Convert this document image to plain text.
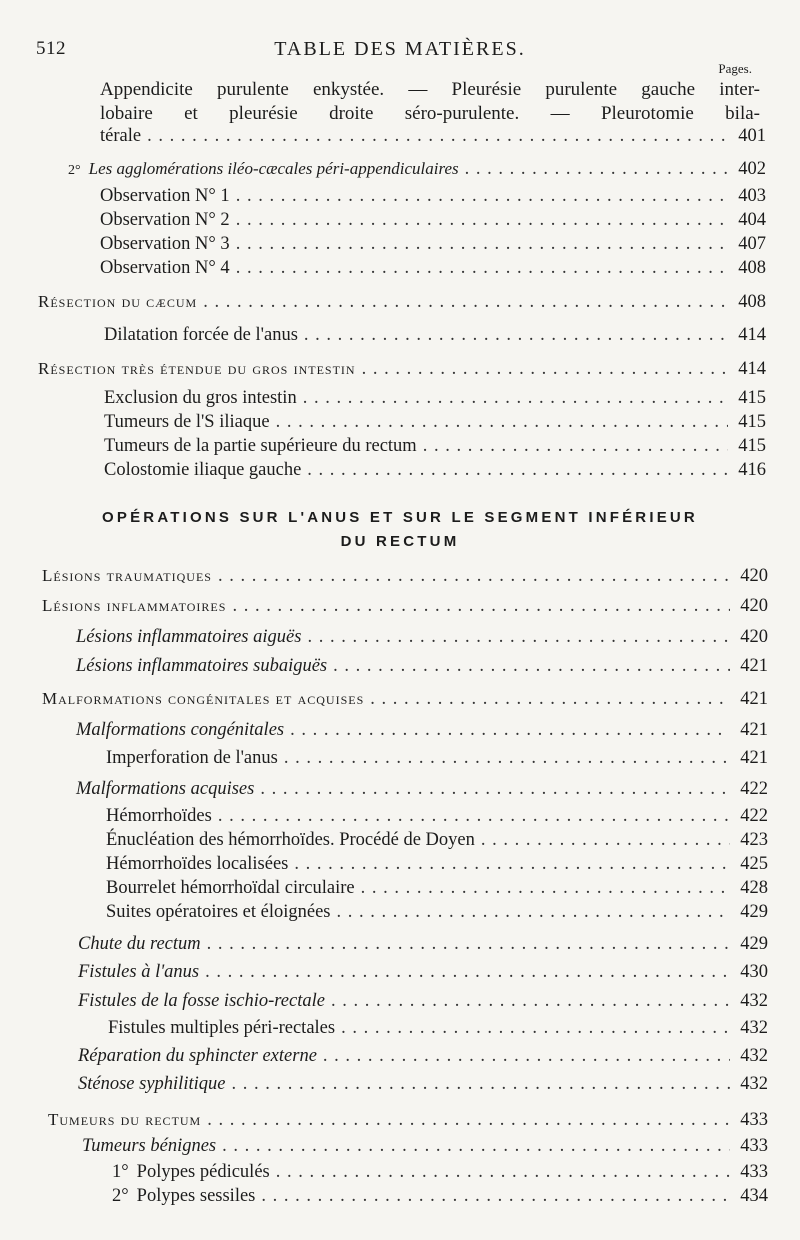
512	TABLE DES MATIÈRES.
Pages.
Appendicite purulente enkystée. — Pleurésie purulente gauche inter-
lobaire et pleurésie droite séro-purulente. — Pleurotomie bila-
térale . . .	401
2° Les agglomérations iléo-cæcales péri-appendiculaires . . .	402
Observation N° 1 . . .	403
Observation N° 2 . . .	404
Observation N° 3 . . .	407
Observation N° 4 . . .	408
Résection du cæcum . . .	408
Dilatation forcée de l'anus . . .	414
Résection très étendue du gros intestin . . .	414
Exclusion du gros intestin . . .	415
Tumeurs de l'S iliaque . . .	415
Tumeurs de la partie supérieure du rectum . . .	415
Colostomie iliaque gauche . . .	416
OPÉRATIONS SUR L'ANUS ET SUR LE SEGMENT INFÉRIEUR
DU RECTUM
Lésions traumatiques . . .	420
Lésions inflammatoires . . .	420
Lésions inflammatoires aiguës . . .	420
Lésions inflammatoires subaiguës . . .	421
Malformations congénitales et acquises . . .	421
Malformations congénitales . . .	421
Imperforation de l'anus . . .	421
Malformations acquises . . .	422
Hémorrhoïdes . . .	422
Énucléation des hémorrhoïdes. Procédé de Doyen . . .	423
Hémorrhoïdes localisées . . .	425
Bourrelet hémorrhoïdal circulaire . . .	428
Suites opératoires et éloignées . . .	429
Chute du rectum . . .	429
Fistules à l'anus . . .	430
Fistules de la fosse ischio-rectale . . .	432
Fistules multiples péri-rectales . . .	432
Réparation du sphincter externe . . .	432
Sténose syphilitique . . .	432
Tumeurs du rectum . . .	433
Tumeurs bénignes . . .	433
1° Polypes pédiculés . . .	433
2° Polypes sessiles . . .	434
